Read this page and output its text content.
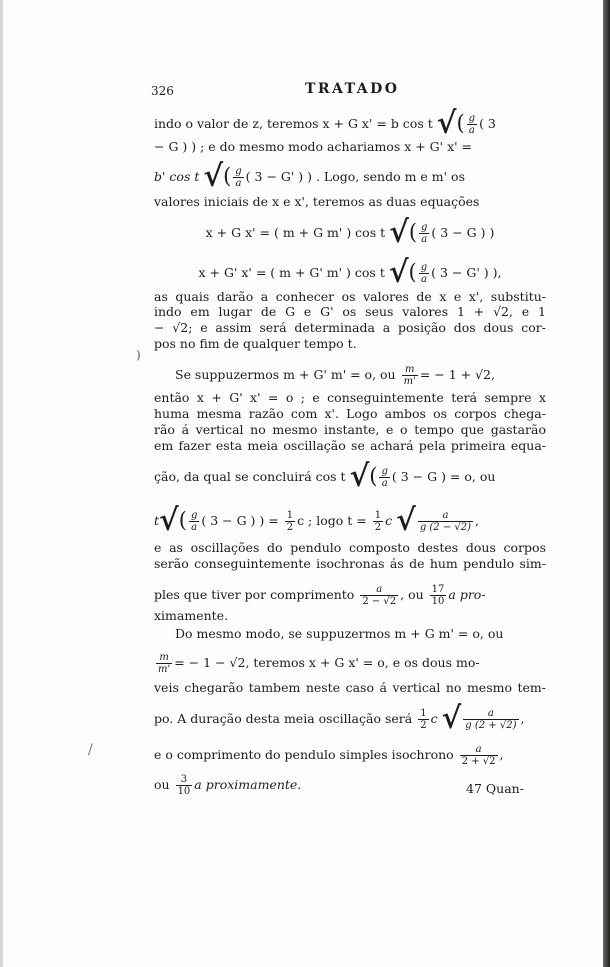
326	TRATADO
indo o valor de z, teremos x + G x' = b cos t √( $\frac{g}{a}$ ( 3
− G ) ) ; e do mesmo modo achariamos x + G' x' =
b' cos t √( $\frac{g}{a}$ ( 3 − G' ) ) . Logo, sendo m e m' os
valores iniciais de x e x', teremos as duas equações
x + G x' = ( m + G m' ) cos t √( $\frac{g}{a}$ ( 3 − G ) )
x + G' x' = ( m + G' m' ) cos t √( $\frac{g}{a}$ ( 3 − G' ) ),
as quais darão a conhecer os valores de x e x', substitu-
indo em lugar de G e G' os seus valores 1 + √2, e 1
− √2; e assim será determinada a posição dos dous cor-
pos no fim de qualquer tempo t.
)
Se suppuzermos m + G' m' = o, ou $\frac{m}{m'}$ = − 1 + √2,
então x + G' x' = o ; e conseguintemente terá sempre x
huma mesma razão com x'. Logo ambos os corpos chega-
rão á vertical no mesmo instante, e o tempo que gastarão
em fazer esta meia oscillação se achará pela primeira equa-
ção, da qual se concluirá cos t √( $\frac{g}{a}$ ( 3 − G ) = o, ou
$t√( \frac{g}{a}$ ( 3 − G ) ) = $\frac{1}{2}$ c ; logo $t = \frac{1}{2}$ c √ $\frac{a}{g (2 - √2)}$ ,
e as oscillações do pendulo composto destes dous corpos
serão conseguintemente isochronas ás de hum pendulo sim-
ples que tiver por comprimento $\frac{a}{2 - √2}$ , ou $\frac{17}{10}$ a pro-
ximamente.
Do mesmo modo, se suppuzermos m + G m' = o, ou
$\frac{m}{m'}$ = − 1 − √2, teremos x + G x' = o, e os dous mo-
veis chegarão tambem neste caso á vertical no mesmo tem-
po. A duração desta meia oscillação será $\frac{1}{2}$ c √ $\frac{a}{g (2 + √2)}$ ,
/	e o comprimento do pendulo simples isochrono $\frac{a}{2 + √2}$ ,
ou $\frac{3}{10}$ a proximamente.	47 Quan-
